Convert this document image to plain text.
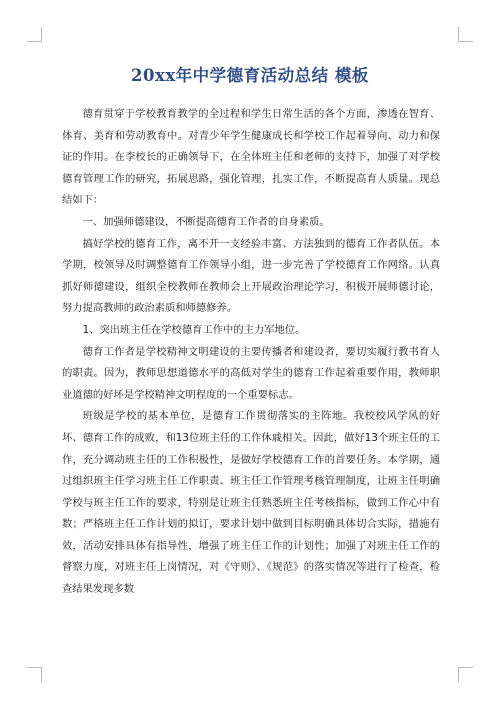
20xx年中学德育活动总结 模板

德育贯穿于学校教育教学的全过程和学生日常生活的各个方面，渗透在智育、体育、美育和劳动教育中。对青少年学生健康成长和学校工作起着导向、动力和保证的作用。在李校长的正确领导下，在全体班主任和老师的支持下，加强了对学校德育管理工作的研究，拓展思路，强化管理，扎实工作，不断提高育人质量。现总结如下：

一、加强师德建设，不断提高德育工作者的自身素质。

搞好学校的德育工作，离不开一支经验丰富、方法独到的德育工作者队伍。本学期，校领导及时调整德育工作领导小组，进一步完善了学校德育工作网络。认真抓好师德建设，组织全校教师在教师会上开展政治理论学习，积极开展师德讨论，努力提高教师的政治素质和师德修养。

1、突出班主任在学校德育工作中的主力军地位。

德育工作者是学校精神文明建设的主要传播者和建设者，要切实履行教书育人的职责。因为，教师思想道德水平的高低对学生的德育工作起着重要作用，教师职业道德的好坏是学校精神文明程度的一个重要标志。

班级是学校的基本单位，是德育工作贯彻落实的主阵地。我校校风学风的好坏、德育工作的成败，和13位班主任的工作休戚相关。因此，做好13个班主任的工作，充分调动班主任的工作积极性，是做好学校德育工作的首要任务。本学期，通过组织班主任学习班主任工作职责、班主任工作管理考核管理制度，让班主任明确学校与班主任工作的要求，特别是让班主任熟悉班主任考核指标，做到工作心中有数；严格班主任工作计划的拟订，要求计划中做到目标明确具体切合实际，措施有效，活动安排具体有指导性，增强了班主任工作的计划性；加强了对班主任工作的督察力度，对班主任上岗情况，对《守则》、《规范》的落实情况等进行了检查，检查结果发现多数
